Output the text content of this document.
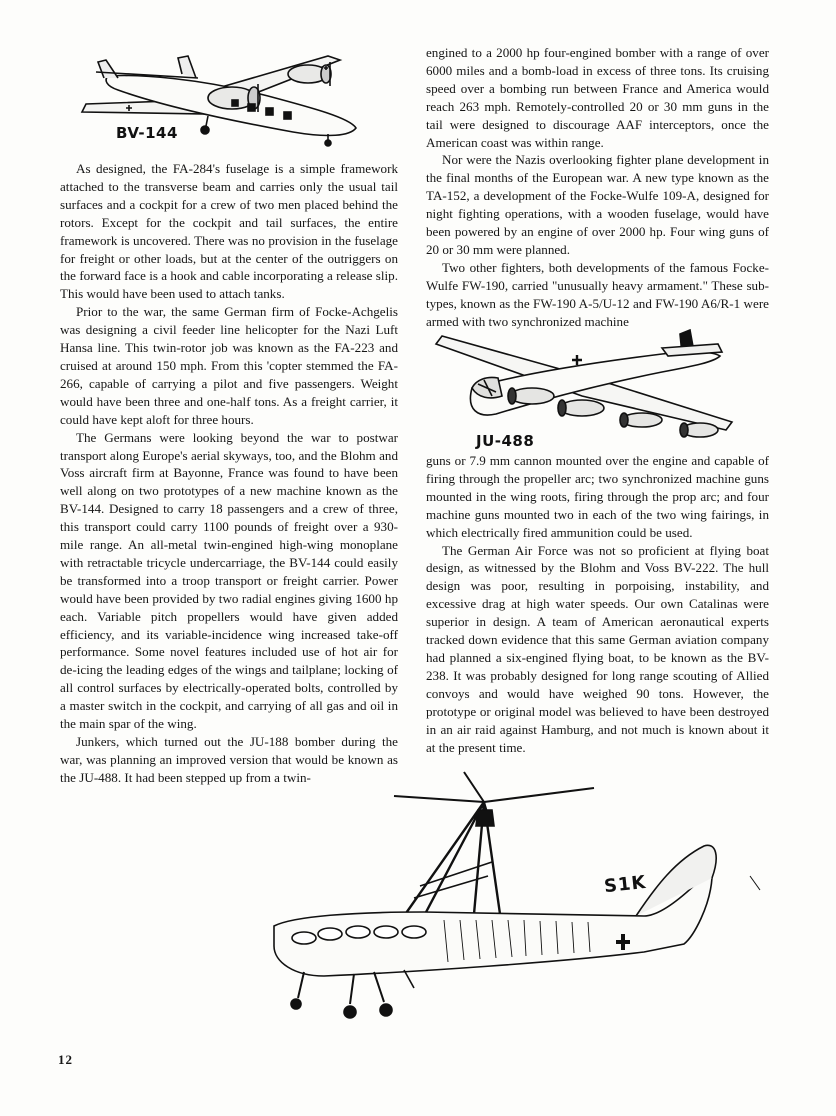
BV-144
JU-488
S1K

As designed, the FA-284's fuselage is a simple framework attached to the transverse beam and carries only the usual tail surfaces and a cockpit for a crew of two men placed behind the rotors. Except for the cockpit and tail surfaces, the entire framework is uncovered. There was no provision in the fuselage for freight or other loads, but at the center of the outriggers on the forward face is a hook and cable incorporating a release slip. This would have been used to attach tanks.

Prior to the war, the same German firm of Focke-Achgelis was designing a civil feeder line helicopter for the Nazi Luft Hansa line. This twin-rotor job was known as the FA-223 and cruised at around 150 mph. From this 'copter stemmed the FA-266, capable of carrying a pilot and five passengers. Weight would have been three and one-half tons. As a freight carrier, it could have kept aloft for three hours.

The Germans were looking beyond the war to postwar transport along Europe's aerial skyways, too, and the Blohm and Voss aircraft firm at Bayonne, France was found to have been well along on two prototypes of a new machine known as the BV-144. Designed to carry 18 passengers and a crew of three, this transport could carry 1100 pounds of freight over a 930-mile range. An all-metal twin-engined high-wing monoplane with retractable tricycle undercarriage, the BV-144 could easily be transformed into a troop transport or freight carrier. Power would have been provided by two radial engines giving 1600 hp each. Variable pitch propellers would have given added efficiency, and its variable-incidence wing increased take-off performance. Some novel features included use of hot air for de-icing the leading edges of the wings and tailplane; locking of all control surfaces by electrically-operated bolts, controlled by a master switch in the cockpit, and carrying of all gas and oil in the main spar of the wing.

Junkers, which turned out the JU-188 bomber during the war, was planning an improved version that would be known as the JU-488. It had been stepped up from a twin-

engined to a 2000 hp four-engined bomber with a range of over 6000 miles and a bomb-load in excess of three tons. Its cruising speed over a bombing run between France and America would reach 263 mph. Remotely-controlled 20 or 30 mm guns in the tail were designed to discourage AAF interceptors, once the American coast was within range.

Nor were the Nazis overlooking fighter plane development in the final months of the European war. A new type known as the TA-152, a development of the Focke-Wulfe 109-A, designed for night fighting operations, with a wooden fuselage, would have been powered by an engine of over 2000 hp. Four wing guns of 20 or 30 mm were planned.

Two other fighters, both developments of the famous Focke-Wulfe FW-190, carried "unusually heavy armament." These sub-types, known as the FW-190 A-5/U-12 and FW-190 A6/R-1 were armed with two synchronized machine

guns or 7.9 mm cannon mounted over the engine and capable of firing through the propeller arc; two synchronized machine guns mounted in the wing roots, firing through the prop arc; and four machine guns mounted two in each of the two wing fairings, in which electrically fired ammunition could be used.

The German Air Force was not so proficient at flying boat design, as witnessed by the Blohm and Voss BV-222. The hull design was poor, resulting in porpoising, instability, and excessive drag at high water speeds. Our own Catalinas were superior in design. A team of American aeronautical experts tracked down evidence that this same German aviation company had planned a six-engined flying boat, to be known as the BV-238. It was probably designed for long range scouting of Allied convoys and would have weighed 90 tons. However, the prototype or original model was believed to have been destroyed in an air raid against Hamburg, and not much is known about it at the present time.

12
